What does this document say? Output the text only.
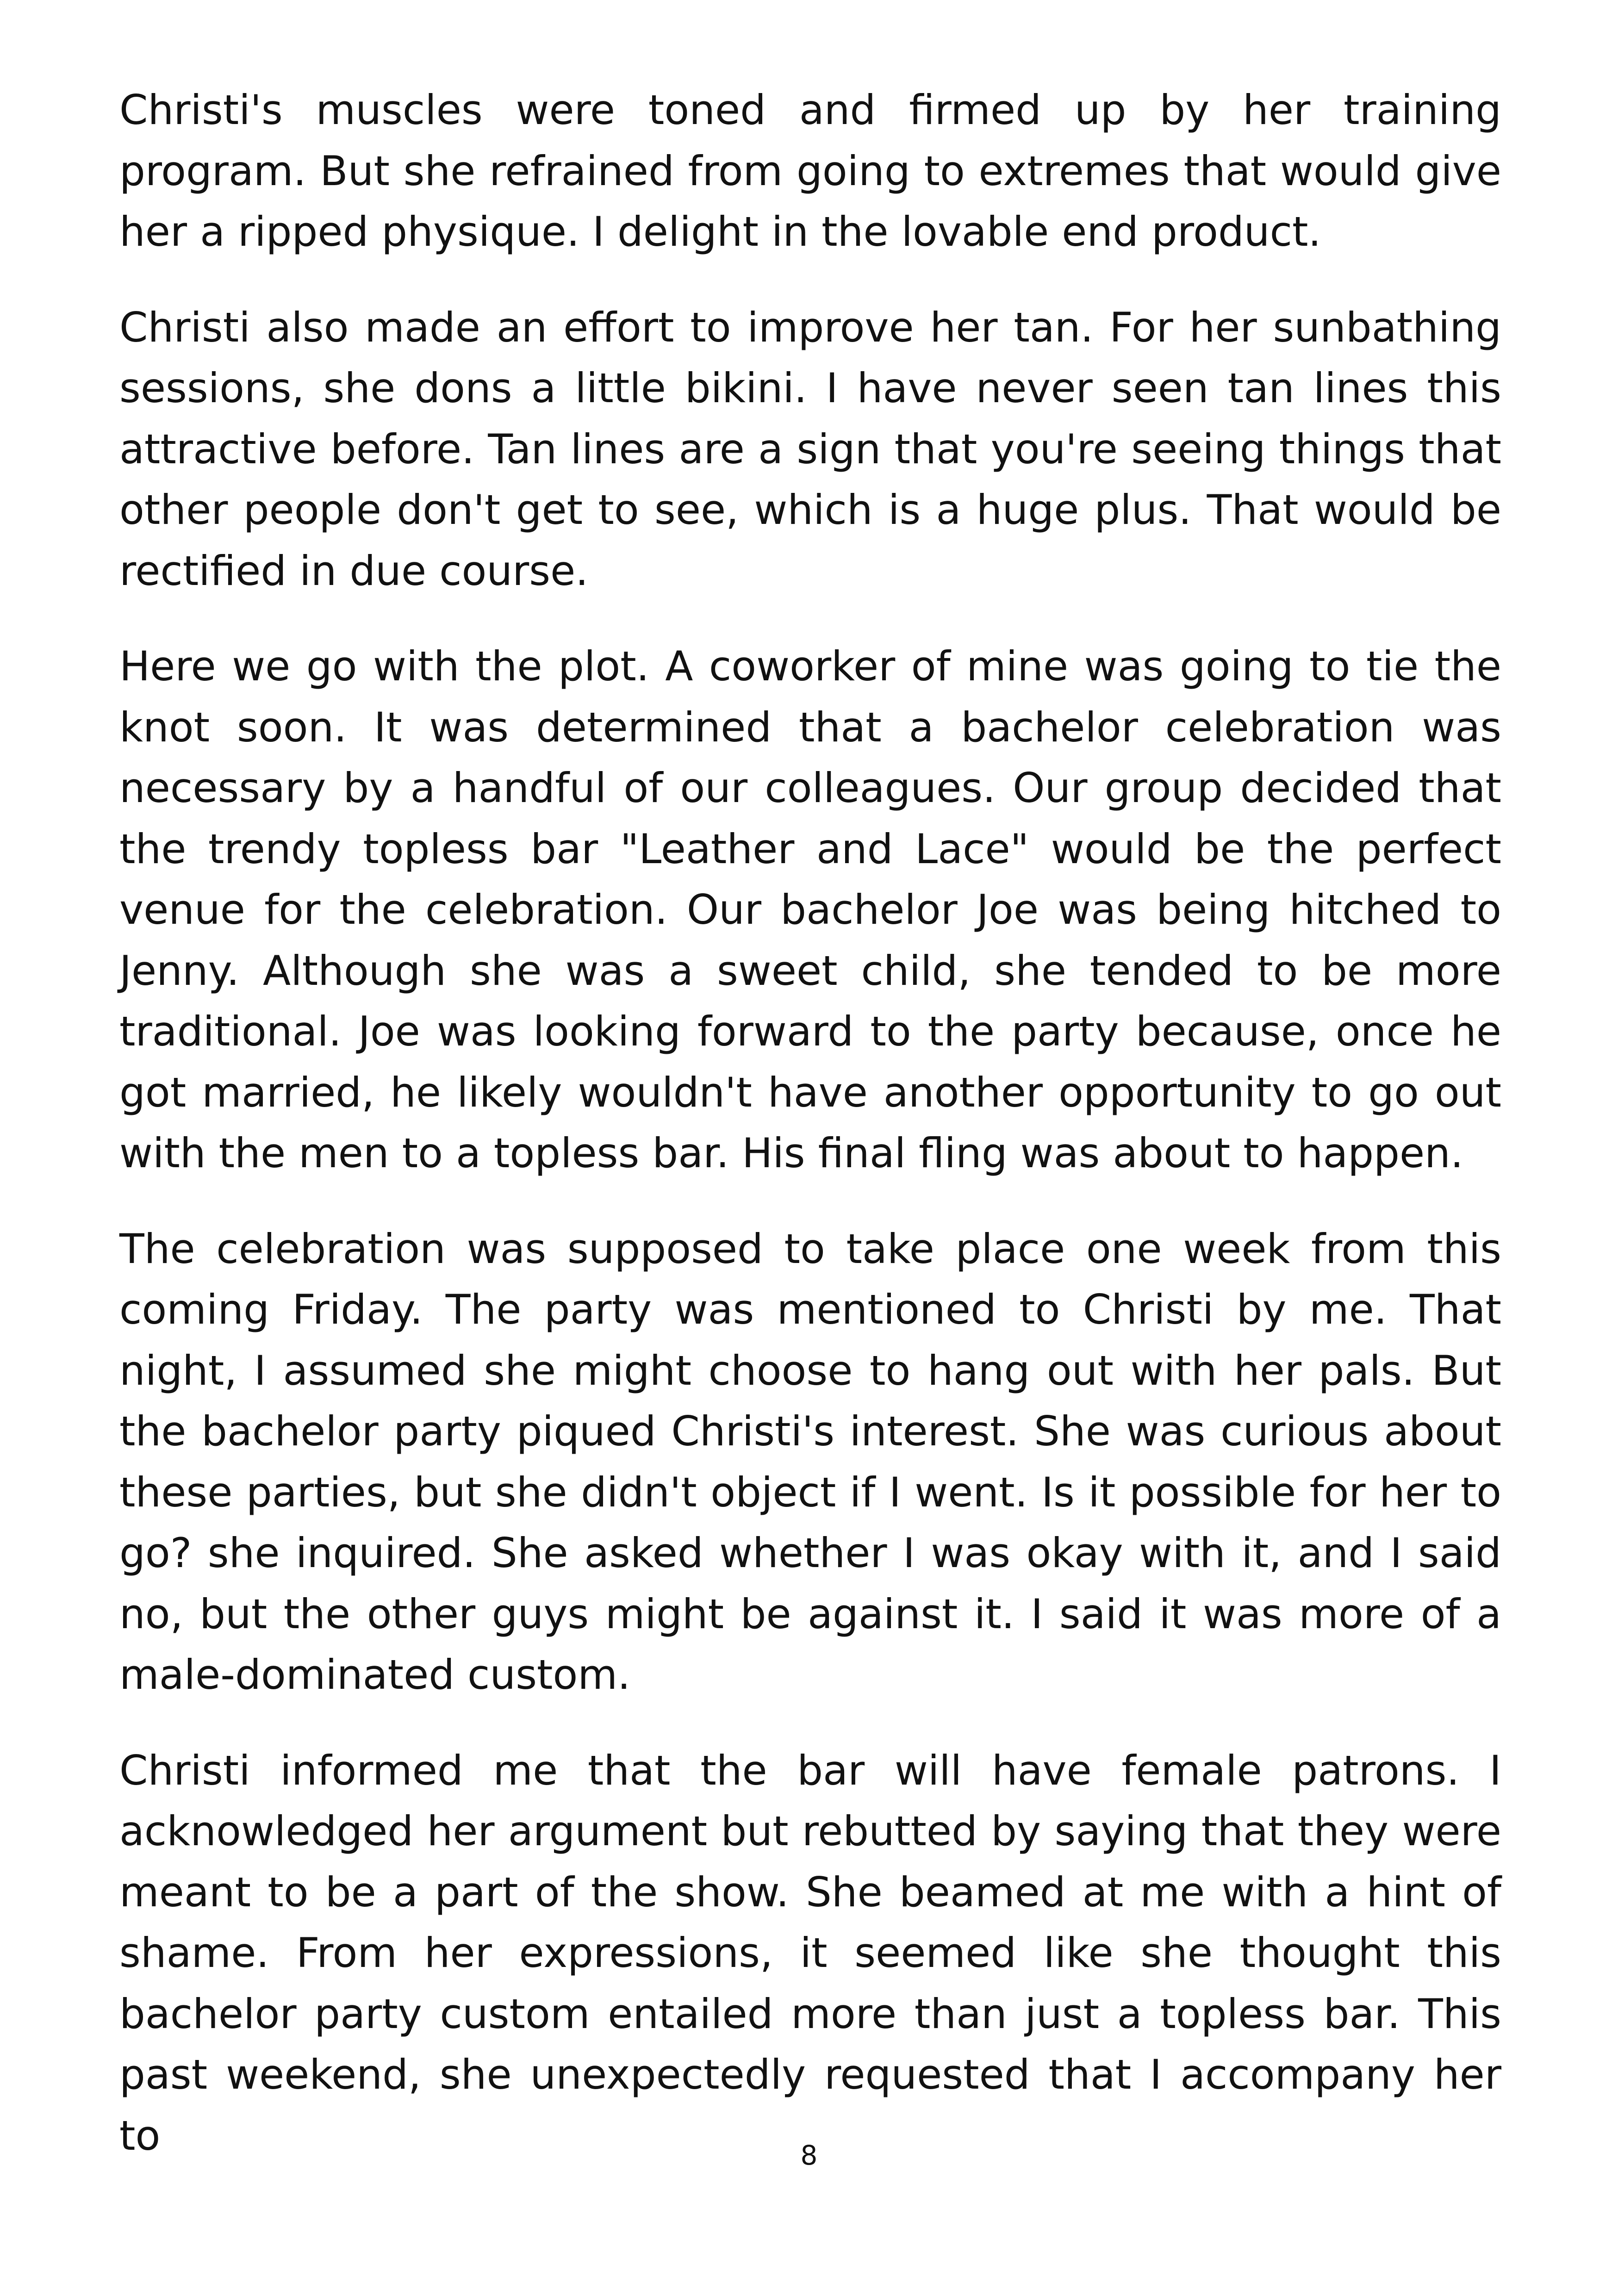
Christi's muscles were toned and firmed up by her training program. But she refrained from going to extremes that would give her a ripped physique. I delight in the lovable end product.

Christi also made an effort to improve her tan. For her sunbathing sessions, she dons a little bikini. I have never seen tan lines this attractive before. Tan lines are a sign that you're seeing things that other people don't get to see, which is a huge plus. That would be rectified in due course.

Here we go with the plot. A coworker of mine was going to tie the knot soon. It was determined that a bachelor celebration was necessary by a handful of our colleagues. Our group decided that the trendy topless bar "Leather and Lace" would be the perfect venue for the celebration. Our bachelor Joe was being hitched to Jenny. Although she was a sweet child, she tended to be more traditional. Joe was looking forward to the party because, once he got married, he likely wouldn't have another opportunity to go out with the men to a topless bar. His final fling was about to happen.

The celebration was supposed to take place one week from this coming Friday. The party was mentioned to Christi by me. That night, I assumed she might choose to hang out with her pals. But the bachelor party piqued Christi's interest. She was curious about these parties, but she didn't object if I went. Is it possible for her to go? she inquired. She asked whether I was okay with it, and I said no, but the other guys might be against it. I said it was more of a male-dominated custom.

Christi informed me that the bar will have female patrons. I acknowledged her argument but rebutted by saying that they were meant to be a part of the show. She beamed at me with a hint of shame. From her expressions, it seemed like she thought this bachelor party custom entailed more than just a topless bar. This past weekend, she unexpectedly requested that I accompany her to	8
